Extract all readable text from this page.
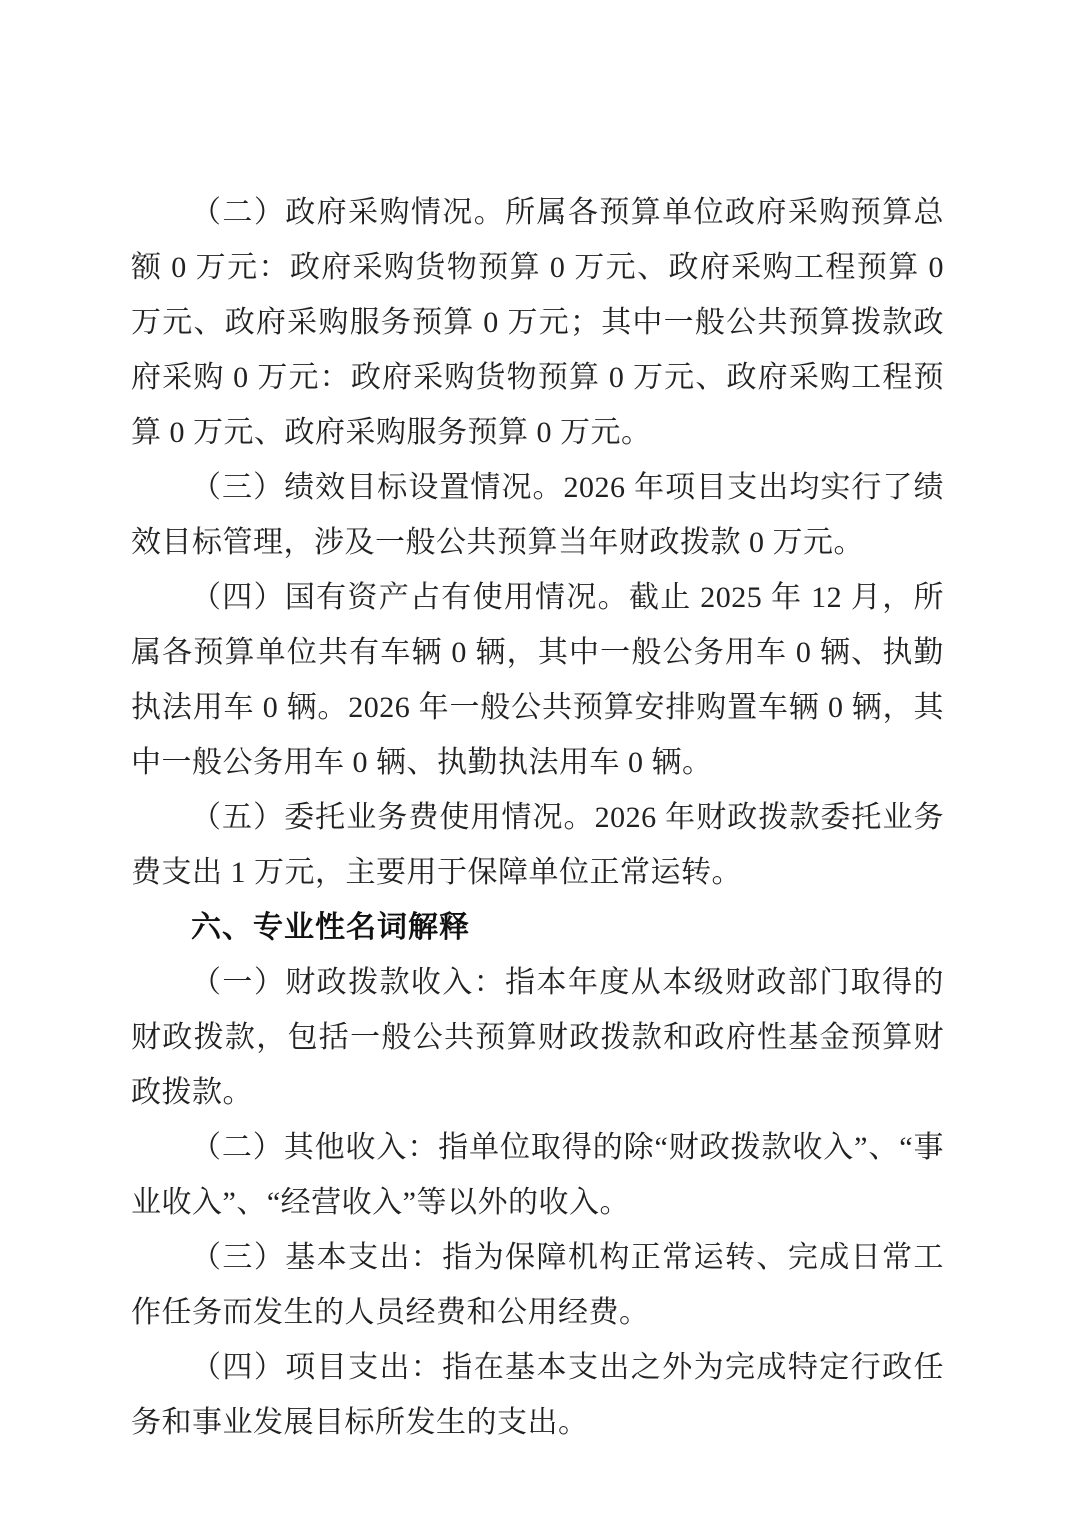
（二）政府采购情况。所属各预算单位政府采购预算总额 0 万元：政府采购货物预算 0 万元、政府采购工程预算 0 万元、政府采购服务预算 0 万元；其中一般公共预算拨款政府采购 0 万元：政府采购货物预算 0 万元、政府采购工程预算 0 万元、政府采购服务预算 0 万元。

（三）绩效目标设置情况。2026 年项目支出均实行了绩效目标管理，涉及一般公共预算当年财政拨款 0 万元。

（四）国有资产占有使用情况。截止 2025 年 12 月，所属各预算单位共有车辆 0 辆，其中一般公务用车 0 辆、执勤执法用车 0 辆。2026 年一般公共预算安排购置车辆 0 辆，其中一般公务用车 0 辆、执勤执法用车 0 辆。

（五）委托业务费使用情况。2026 年财政拨款委托业务费支出 1 万元，主要用于保障单位正常运转。

六、专业性名词解释

（一）财政拨款收入：指本年度从本级财政部门取得的财政拨款，包括一般公共预算财政拨款和政府性基金预算财政拨款。

（二）其他收入：指单位取得的除“财政拨款收入”、“事业收入”、“经营收入”等以外的收入。

（三）基本支出：指为保障机构正常运转、完成日常工作任务而发生的人员经费和公用经费。

（四）项目支出：指在基本支出之外为完成特定行政任务和事业发展目标所发生的支出。
